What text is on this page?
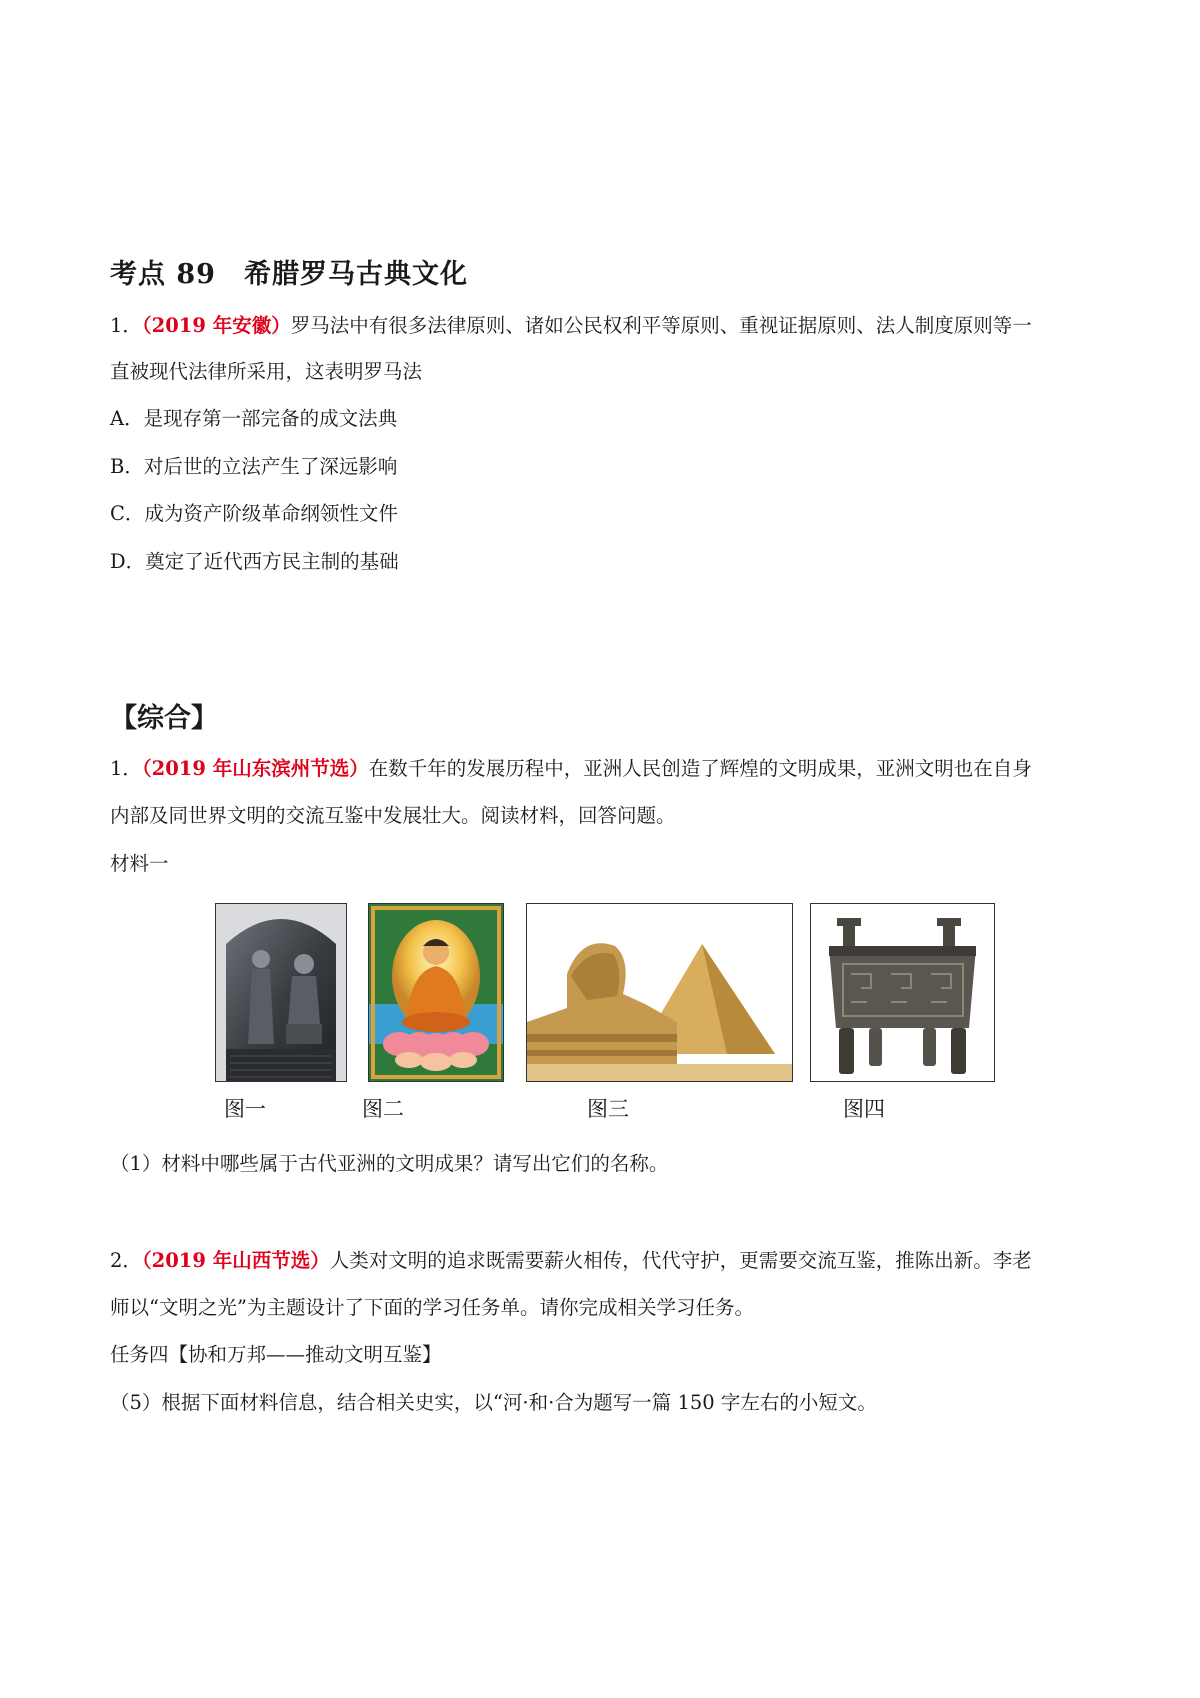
考点 89 希腊罗马古典文化
1．（2019 年安徽）罗马法中有很多法律原则、诸如公民权利平等原则、重视证据原则、法人制度原则等一
直被现代法律所采用，这表明罗马法
A．是现存第一部完备的成文法典
B．对后世的立法产生了深远影响
C．成为资产阶级革命纲领性文件
D．奠定了近代西方民主制的基础
【综合】
1．（2019 年山东滨州节选）在数千年的发展历程中，亚洲人民创造了辉煌的文明成果，亚洲文明也在自身
内部及同世界文明的交流互鉴中发展壮大。阅读材料，回答问题。
材料一
图一	图二	图三	图四
（1）材料中哪些属于古代亚洲的文明成果？请写出它们的名称。
2．（2019 年山西节选）人类对文明的追求既需要薪火相传，代代守护，更需要交流互鉴，推陈出新。李老
师以“文明之光”为主题设计了下面的学习任务单。请你完成相关学习任务。
任务四【协和万邦——推动文明互鉴】
（5）根据下面材料信息，结合相关史实，以“河·和·合为题写一篇 150 字左右的小短文。
